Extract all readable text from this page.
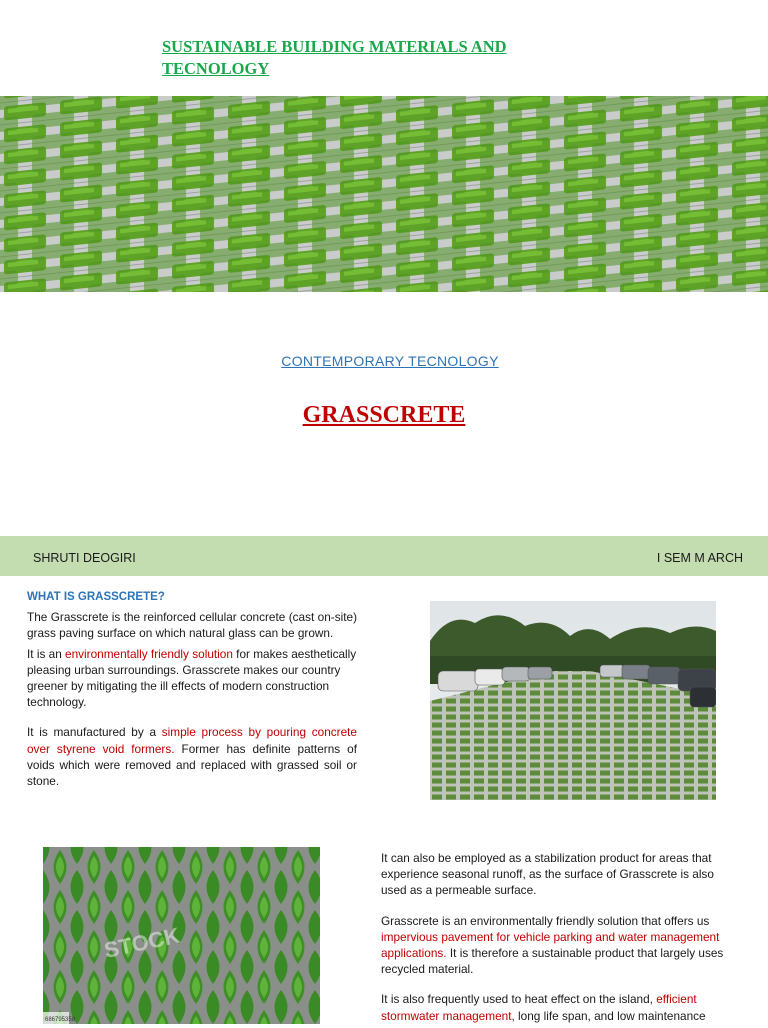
SUSTAINABLE BUILDING MATERIALS AND
TECNOLOGY
CONTEMPORARY TECNOLOGY
GRASSCRETE
SHRUTI DEOGIRI	I SEM M ARCH

WHAT IS GRASSCRETE?

The Grasscrete is the reinforced cellular concrete (cast on-site) grass paving surface on which natural glass can be grown.

It is an environmentally friendly solution for makes aesthetically pleasing urban surroundings. Grasscrete makes our country greener by mitigating the ill effects of modern construction technology.

It is manufactured by a simple process by pouring concrete over styrene void formers. Former has definite patterns of voids which were removed and replaced with grassed soil or stone.

STOCK
686795358

It can also be employed as a stabilization product for areas that experience seasonal runoff, as the surface of Grasscrete is also used as a permeable surface.

Grasscrete is an environmentally friendly solution that offers us impervious pavement for vehicle parking and water management applications. It is therefore a sustainable product that largely uses recycled material.

It is also frequently used to heat effect on the island, efficient stormwater management, long life span, and low maintenance
